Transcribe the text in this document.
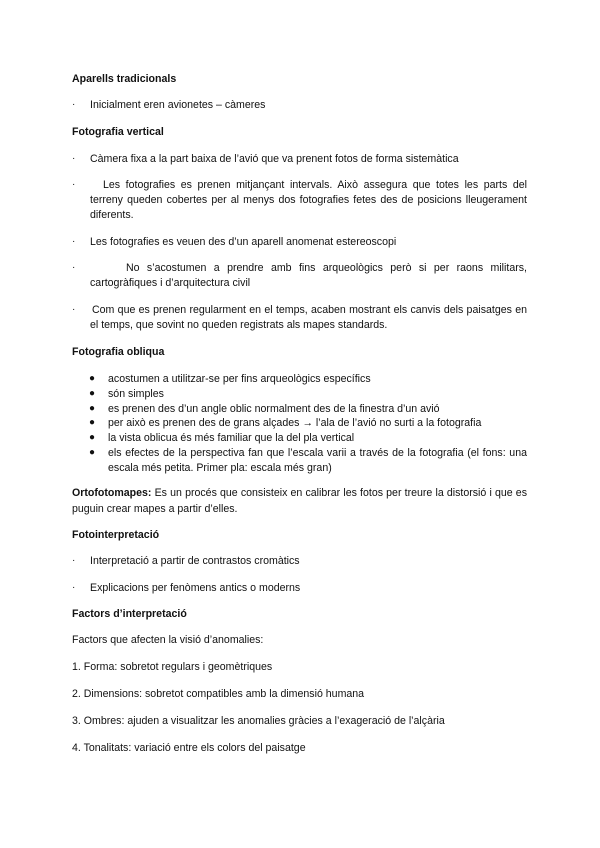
Aparells tradicionals
· Inicialment eren avionetes – càmeres
Fotografia vertical
· Càmera fixa a la part baixa de l’avió que va prenent fotos de forma sistemàtica
·	Les fotografies es prenen mitjançant intervals. Això assegura que totes les parts del terreny queden cobertes per al menys dos fotografies fetes des de posicions lleugerament diferents.
· Les fotografies es veuen des d’un aparell anomenat estereoscopi
·	No s’acostumen a prendre amb fins arqueològics però si per raons militars, cartogràfiques i d’arquitectura civil
· Com que es prenen regularment en el temps, acaben mostrant els canvis dels paisatges en el temps, que sovint no queden registrats als mapes standards.
Fotografia obliqua
● acostumen a utilitzar-se per fins arqueològics específics
● són simples
● es prenen des d’un angle oblic normalment des de la finestra d’un avió
● per això es prenen des de grans alçades → l’ala de l’avió no surti a la fotografia
● la vista oblicua és més familiar que la del pla vertical
● els efectes de la perspectiva fan que l’escala varii a través de la fotografia (el fons: una escala més petita. Primer pla: escala més gran)
Ortofotomapes: Es un procés que consisteix en calibrar les fotos per treure la distorsió i que es puguin crear mapes a partir d’elles.
Fotointerpretació
· Interpretació a partir de contrastos cromàtics
· Explicacions per fenòmens antics o moderns
Factors d’interpretació
Factors que afecten la visió d’anomalies:
1. Forma: sobretot regulars i geomètriques
2. Dimensions: sobretot compatibles amb la dimensió humana
3. Ombres: ajuden a visualitzar les anomalies gràcies a l’exageració de l’alçària
4. Tonalitats: variació entre els colors del paisatge
